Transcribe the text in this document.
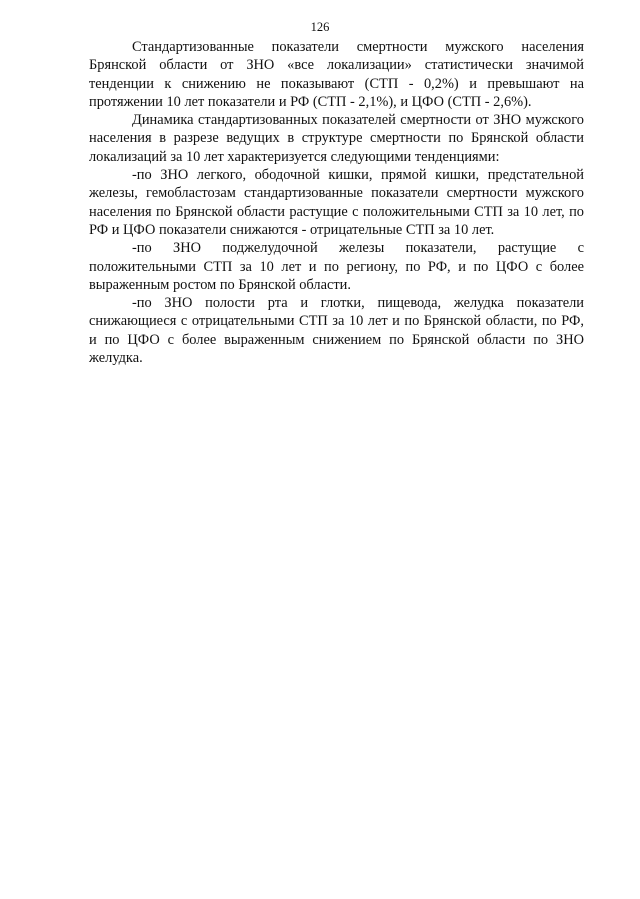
126

Стандартизованные показатели смертности мужского населения Брянской области от ЗНО «все локализации» статистически значимой тенденции к снижению не показывают (СТП - 0,2%) и превышают на протяжении 10 лет показатели и РФ (СТП - 2,1%), и ЦФО (СТП - 2,6%).

Динамика стандартизованных показателей смертности от ЗНО мужского населения в разрезе ведущих в структуре смертности по Брянской области локализаций за 10 лет характеризуется следующими тенденциями:

-по ЗНО легкого, ободочной кишки, прямой кишки, предстательной железы, гемобластозам стандартизованные показатели смертности мужского населения по Брянской области растущие с положительными СТП за 10 лет, по РФ и ЦФО показатели снижаются - отрицательные СТП за 10 лет.

-по ЗНО поджелудочной железы показатели, растущие с положительными СТП за 10 лет и по региону, по РФ, и по ЦФО с более выраженным ростом по Брянской области.

-по ЗНО полости рта и глотки, пищевода, желудка показатели снижающиеся с отрицательными СТП за 10 лет и по Брянской области, по РФ, и по ЦФО с более выраженным снижением по Брянской области по ЗНО желудка.
